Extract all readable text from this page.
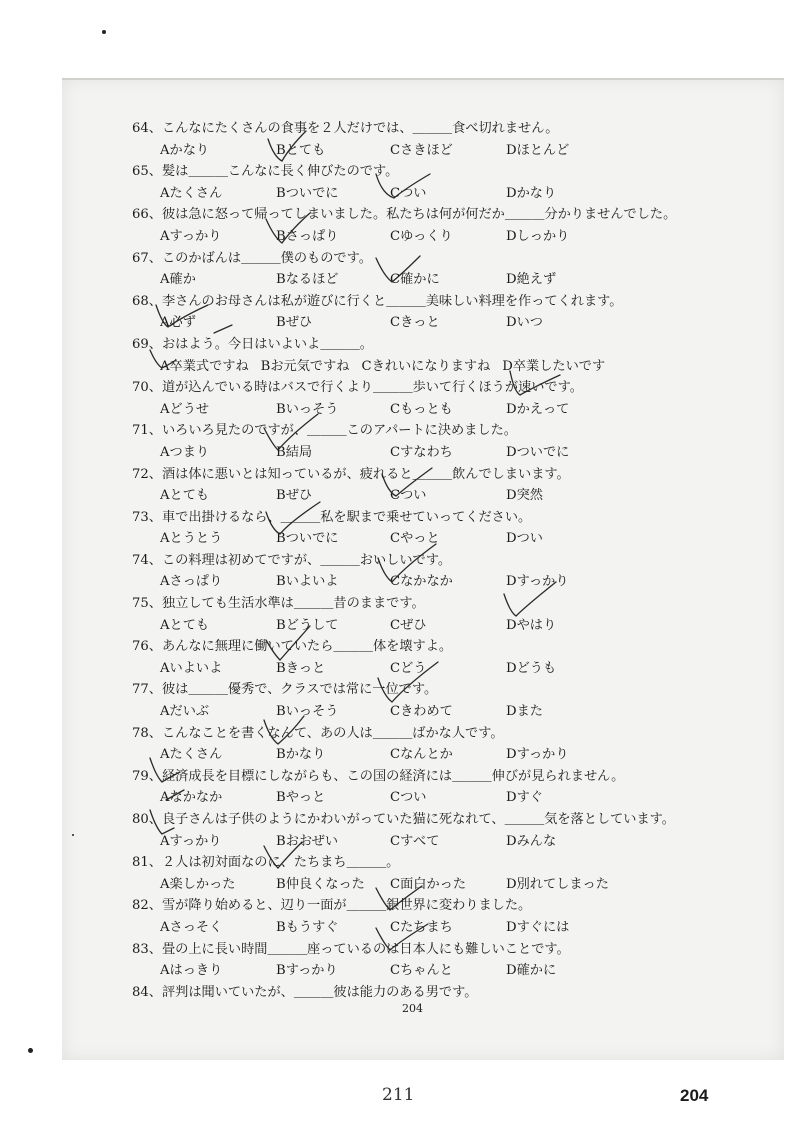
64、こんなにたくさんの食事を２人だけでは、＿＿＿食べ切れません。
Aかなり	Bとても	Cさきほど	Dほとんど
65、髪は＿＿＿こんなに長く伸びたのです。
Aたくさん	Bついでに	Cつい	Dかなり
66、彼は急に怒って帰ってしまいました。私たちは何が何だか＿＿＿分かりませんでした。
Aすっかり	Bさっぱり	Cゆっくり	Dしっかり
67、このかばんは＿＿＿僕のものです。
A確か	Bなるほど	C確かに	D絶えず
68、李さんのお母さんは私が遊びに行くと＿＿＿美味しい料理を作ってくれます。
A必ず	Bぜひ	Cきっと	Dいつ
69、おはよう。今日はいよいよ＿＿＿。
A卒業式ですね Bお元気ですね Cきれいになりますね D卒業したいです
70、道が込んでいる時はバスで行くより＿＿＿歩いて行くほうが速いです。
Aどうせ	Bいっそう	Cもっとも	Dかえって
71、いろいろ見たのですが、＿＿＿このアパートに決めました。
Aつまり	B結局	Cすなわち	Dついでに
72、酒は体に悪いとは知っているが、疲れると＿＿＿飲んでしまいます。
Aとても	Bぜひ	Cつい	D突然
73、車で出掛けるなら、＿＿＿私を駅まで乗せていってください。
Aとうとう	Bついでに	Cやっと	Dつい
74、この料理は初めてですが、＿＿＿おいしいです。
Aさっぱり	Bいよいよ	Cなかなか	Dすっかり
75、独立しても生活水準は＿＿＿昔のままです。
Aとても	Bどうして	Cぜひ	Dやはり
76、あんなに無理に働いていたら＿＿＿体を壊すよ。
Aいよいよ	Bきっと	Cどう	Dどうも
77、彼は＿＿＿優秀で、クラスでは常に一位です。
Aだいぶ	Bいっそう	Cきわめて	Dまた
78、こんなことを書くなんて、あの人は＿＿＿ばかな人です。
Aたくさん	Bかなり	Cなんとか	Dすっかり
79、経済成長を目標にしながらも、この国の経済には＿＿＿伸びが見られません。
Aなかなか	Bやっと	Cつい	Dすぐ
80、良子さんは子供のようにかわいがっていた猫に死なれて、＿＿＿気を落としています。
Aすっかり	Bおおぜい	Cすべて	Dみんな
81、２人は初対面なのに、たちまち＿＿＿。
A楽しかった	B仲良くなった	C面白かった	D別れてしまった
82、雪が降り始めると、辺り一面が＿＿＿銀世界に変わりました。
Aさっそく	Bもうすぐ	Cたちまち	Dすぐには
83、畳の上に長い時間＿＿＿座っているのは日本人にも難しいことです。
Aはっきり	Bすっかり	Cちゃんと	D確かに
84、評判は聞いていたが、＿＿＿彼は能力のある男です。
204
211	204
